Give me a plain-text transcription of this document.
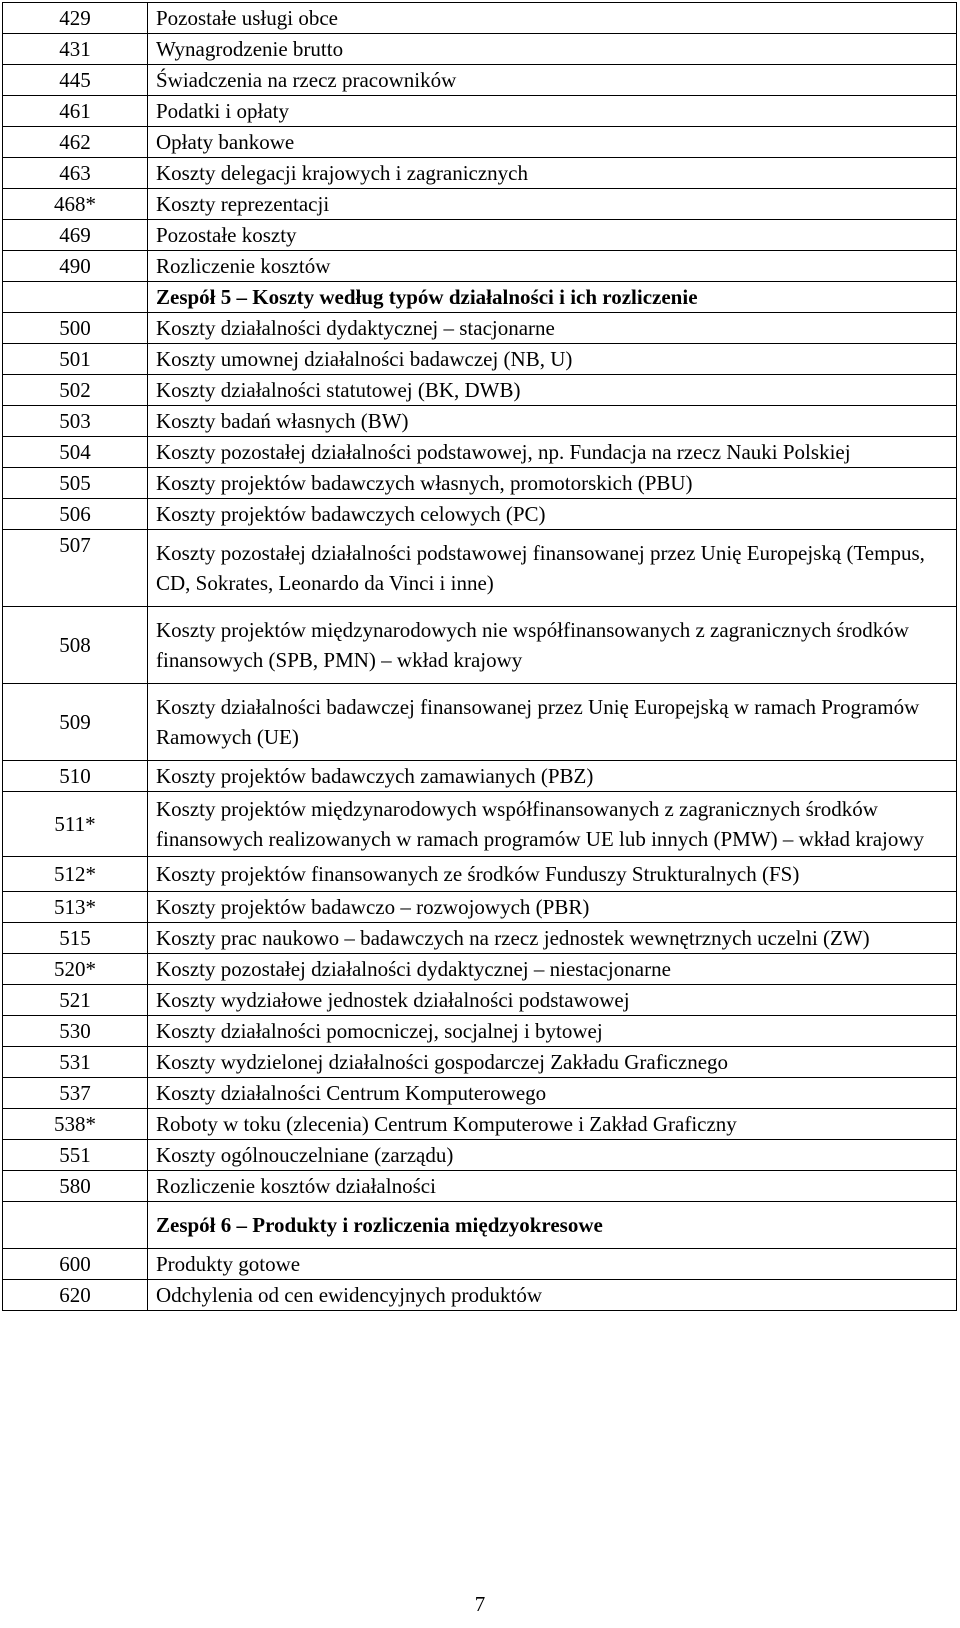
429	Pozostałe usługi obce
431	Wynagrodzenie brutto
445	Świadczenia na rzecz pracowników
461	Podatki i opłaty
462	Opłaty bankowe
463	Koszty delegacji krajowych i zagranicznych
468*	Koszty reprezentacji
469	Pozostałe koszty
490	Rozliczenie kosztów
	Zespół 5 – Koszty według typów działalności i ich rozliczenie
500	Koszty działalności dydaktycznej – stacjonarne
501	Koszty umownej działalności badawczej (NB, U)
502	Koszty działalności statutowej (BK, DWB)
503	Koszty badań własnych (BW)
504	Koszty pozostałej działalności podstawowej, np. Fundacja na rzecz Nauki Polskiej
505	Koszty projektów badawczych własnych, promotorskich (PBU)
506	Koszty projektów badawczych celowych (PC)
507	Koszty pozostałej działalności podstawowej finansowanej przez Unię Europejską (Tempus, CD, Sokrates, Leonardo da Vinci i inne)
508	Koszty projektów międzynarodowych nie współfinansowanych z zagranicznych środków finansowych (SPB, PMN) – wkład krajowy
509	Koszty działalności badawczej finansowanej przez Unię Europejską w ramach Programów Ramowych (UE)
510	Koszty projektów badawczych zamawianych (PBZ)
511*	Koszty projektów międzynarodowych współfinansowanych z zagranicznych środków finansowych realizowanych w ramach programów UE lub innych (PMW) – wkład krajowy
512*	Koszty projektów finansowanych ze środków Funduszy Strukturalnych (FS)
513*	Koszty projektów badawczo – rozwojowych (PBR)
515	Koszty prac naukowo – badawczych na rzecz jednostek wewnętrznych uczelni (ZW)
520*	Koszty pozostałej działalności dydaktycznej – niestacjonarne
521	Koszty wydziałowe jednostek działalności podstawowej
530	Koszty działalności pomocniczej, socjalnej i bytowej
531	Koszty wydzielonej działalności gospodarczej Zakładu Graficznego
537	Koszty działalności Centrum Komputerowego
538*	Roboty w toku (zlecenia) Centrum Komputerowe i Zakład Graficzny
551	Koszty ogólnouczelniane (zarządu)
580	Rozliczenie kosztów działalności
	Zespół 6 – Produkty i rozliczenia międzyokresowe
600	Produkty gotowe
620	Odchylenia od cen ewidencyjnych produktów
7
